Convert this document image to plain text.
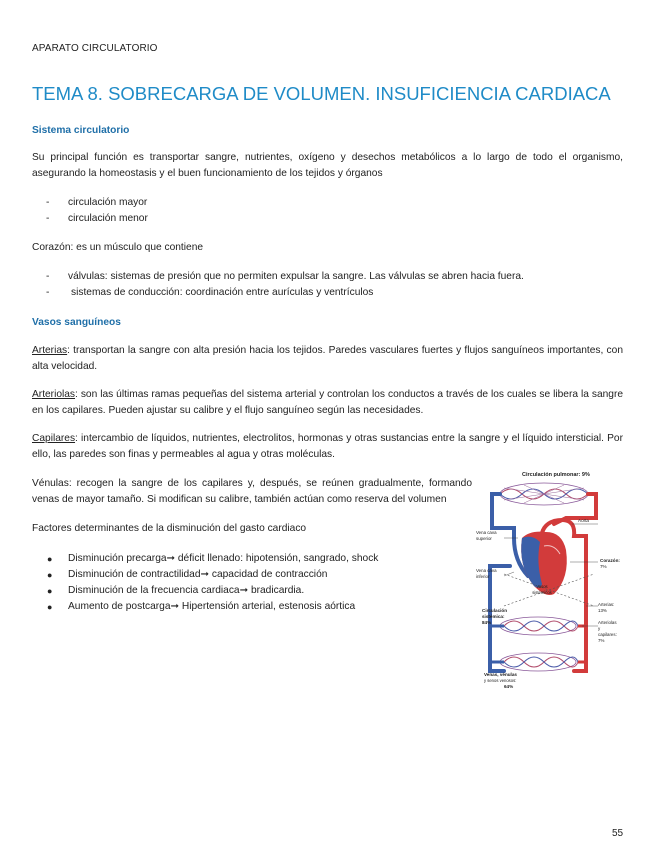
APARATO CIRCULATORIO
TEMA 8. SOBRECARGA DE VOLUMEN. INSUFICIENCIA CARDIACA
Sistema circulatorio
Su principal función es transportar sangre, nutrientes, oxígeno y desechos metabólicos a lo largo de todo el organismo, asegurando la homeostasis y el buen funcionamiento de los tejidos y órganos
- circulación mayor
- circulación menor
Corazón: es un músculo que contiene
- válvulas: sistemas de presión que no permiten expulsar la sangre. Las válvulas se abren hacia fuera.
- sistemas de conducción: coordinación entre aurículas y ventrículos
Vasos sanguíneos
Arterias: transportan la sangre con alta presión hacia los tejidos. Paredes vasculares fuertes y flujos sanguíneos importantes, con alta velocidad.
Arteriolas: son las últimas ramas pequeñas del sistema arterial y controlan los conductos a través de los cuales se libera la sangre en los capilares. Pueden ajustar su calibre y el flujo sanguíneo según las necesidades.
Capilares: intercambio de líquidos, nutrientes, electrolitos, hormonas y otras sustancias entre la sangre y el líquido intersticial. Por ello, las paredes son finas y permeables al agua y otras moléculas.
Vénulas: recogen la sangre de los capilares y, después, se reúnen gradualmente, formando
venas de mayor tamaño. Si modifican su calibre, también actúan como reserva del volumen
Factores determinantes de la disminución del gasto cardiaco
● Disminución precarga➞ déficit llenado: hipotensión, sangrado, shock
● Disminución de contractilidad➞ capacidad de contracción
● Disminución de la frecuencia cardiaca➞ bradicardia.
● Aumento de postcarga➞ Hipertensión arterial, estenosis aórtica
Circulación pulmonar: 9%
Aorta
Vena cava
superior
Vena cava
inferior
Corazón:
7%
Vasos
sistémicos
Circulación
sistémica:
84%
Arterias:
13%
Arteriolas
y
capilares:
7%
Venas, vénulas
y senos venosos:
64%
55
